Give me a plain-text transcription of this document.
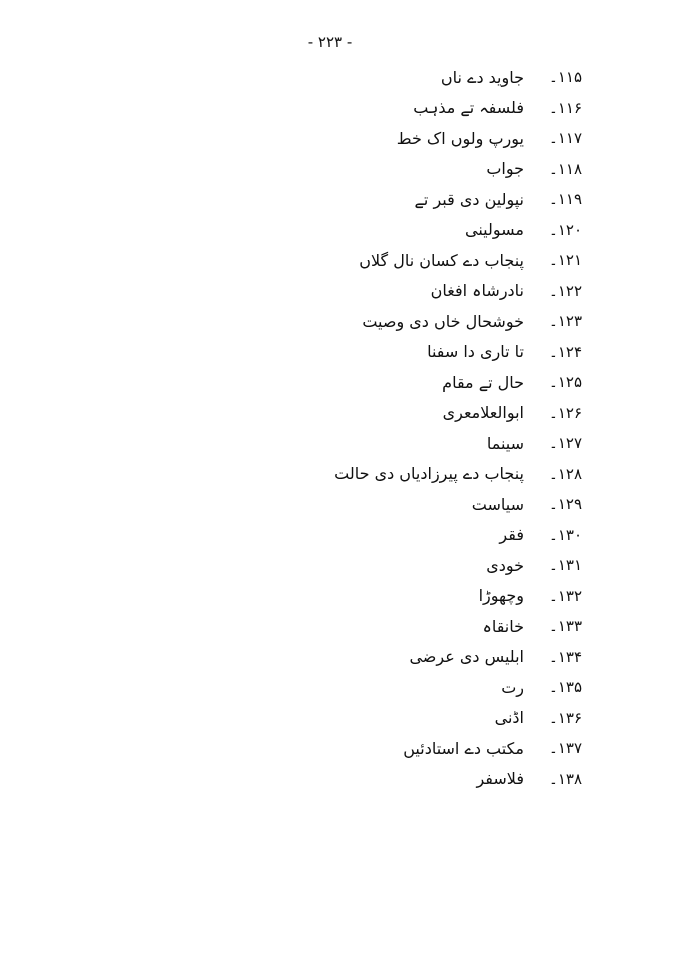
- ۲۲۳ -
۱۱۵۔
جاوید دے ناں
۱۱۶۔
فلسفہ تے مذہب
۱۱۷۔
یورپ ولوں اک خط
۱۱۸۔
جواب
۱۱۹۔
نپولین دی قبر تے
۱۲۰۔
مسولینی
۱۲۱۔
پنجاب دے کسان نال گلاں
۱۲۲۔
نادرشاہ افغان
۱۲۳۔
خوشحال خاں دی وصیت
۱۲۴۔
تا تاری دا سفنا
۱۲۵۔
حال تے مقام
۱۲۶۔
ابوالعلامعری
۱۲۷۔
سینما
۱۲۸۔
پنجاب دے پیرزادیاں دی حالت
۱۲۹۔
سیاست
۱۳۰۔
فقر
۱۳۱۔
خودی
۱۳۲۔
وچھوڑا
۱۳۳۔
خانقاہ
۱۳۴۔
ابلیس دی عرضی
۱۳۵۔
رت
۱۳۶۔
اڈنی
۱۳۷۔
مکتب دے استادئیں
۱۳۸۔
فلاسفر
